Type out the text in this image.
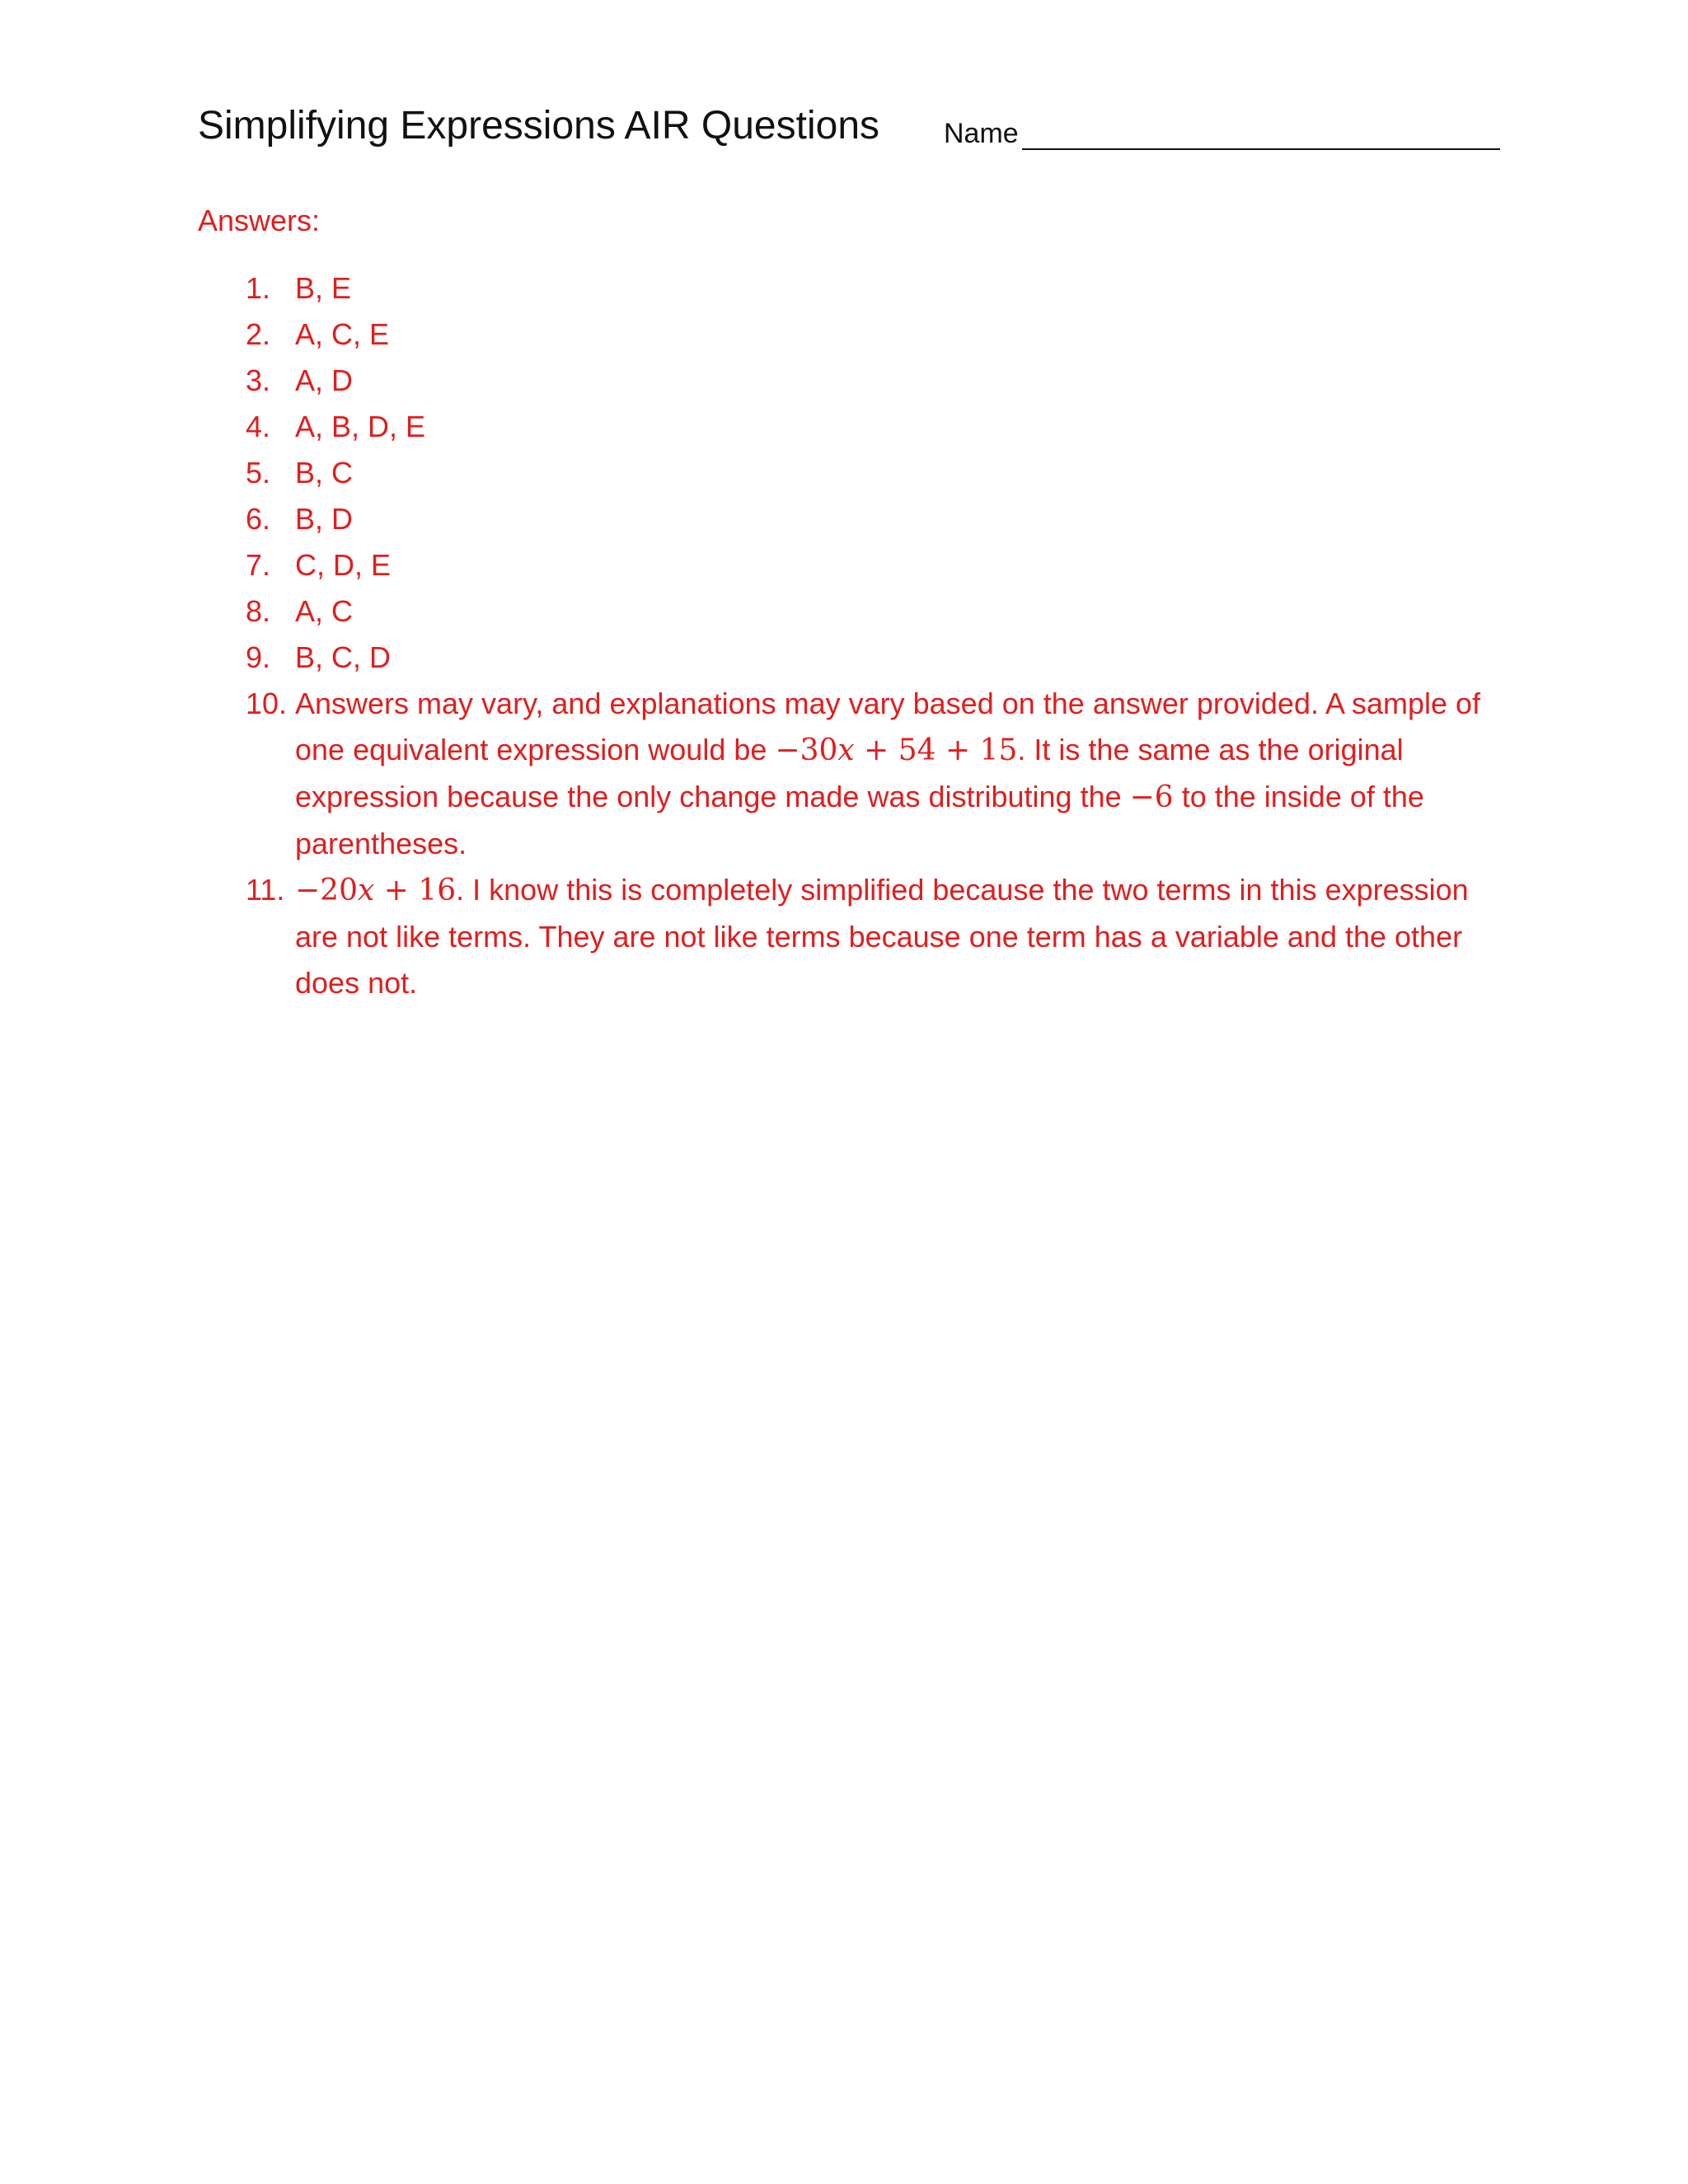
Simplifying Expressions AIR Questions Name
Answers:
1. B, E
2. A, C, E
3. A, D
4. A, B, D, E
5. B, C
6. B, D
7. C, D, E
8. A, C
9. B, C, D
10. Answers may vary, and explanations may vary based on the answer provided. A sample of one equivalent expression would be −30x + 54 + 15. It is the same as the original expression because the only change made was distributing the −6 to the inside of the parentheses.
11. −20x + 16. I know this is completely simplified because the two terms in this expression are not like terms. They are not like terms because one term has a variable and the other does not.
